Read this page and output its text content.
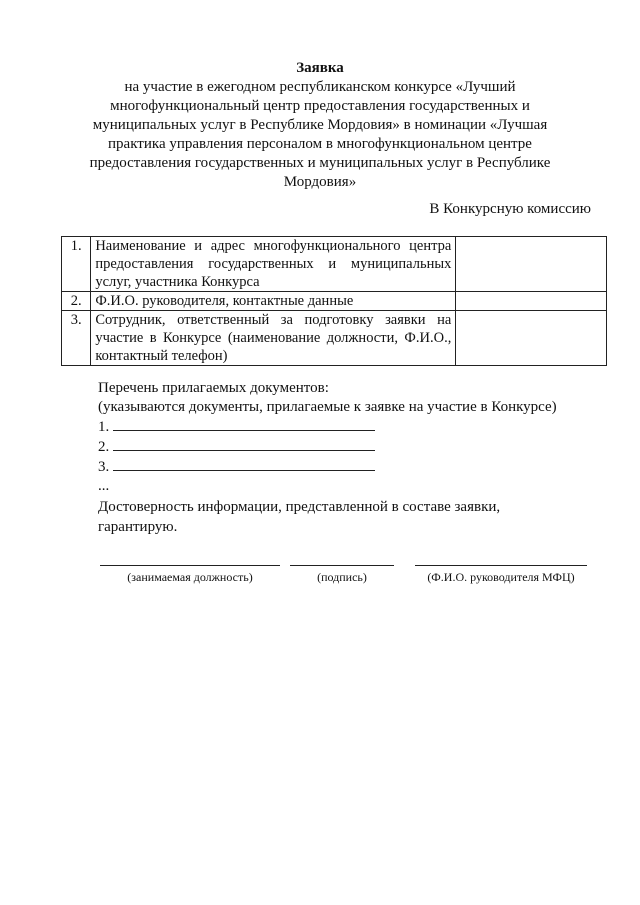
Заявка
на участие в ежегодном республиканском конкурсе «Лучший многофункциональный центр предоставления государственных и муниципальных услуг в Республике Мордовия» в номинации «Лучшая практика управления персоналом в многофункциональном центре предоставления государственных и муниципальных услуг в Республике Мордовия»
В Конкурсную комиссию
1.	Наименование и адрес многофункционального центра предоставления государственных и муниципальных услуг, участника Конкурса	
2.	Ф.И.О. руководителя, контактные данные	
3.	Сотрудник, ответственный за подготовку заявки на участие в Конкурсе (наименование должности, Ф.И.О., контактный телефон)	
Перечень прилагаемых документов:
(указываются документы, прилагаемые к заявке на участие в Конкурсе)
1.
2.
3.
...
Достоверность информации, представленной в составе заявки, гарантирую.
(занимаемая должность)	(подпись)	(Ф.И.О. руководителя МФЦ)
